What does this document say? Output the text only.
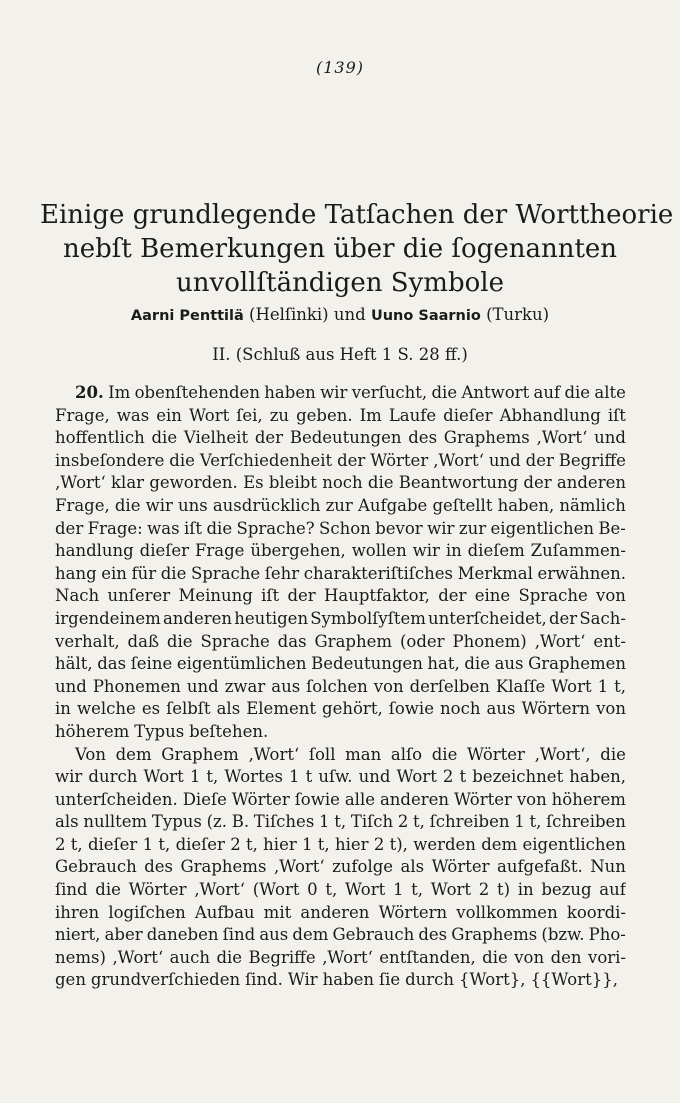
(139)
Einige grundlegende Tatſachen der Worttheorie
nebſt Bemerkungen über die ſogenannten
unvollſtändigen Symbole
Aarni Penttilä (Helſinki) und Uuno Saarnio (Turku)
II. (Schluß aus Heft 1 S. 28 ff.)
20. Im obenſtehenden haben wir verſucht, die Antwort auf die alte
Frage, was ein Wort ſei, zu geben. Im Laufe dieſer Abhandlung iſt
hoffentlich die Vielheit der Bedeutungen des Graphems ‚Wort‘ und
insbeſondere die Verſchiedenheit der Wörter ‚Wort‘ und der Begriffe
‚Wort‘ klar geworden. Es bleibt noch die Beantwortung der anderen
Frage, die wir uns ausdrücklich zur Aufgabe geſtellt haben, nämlich
der Frage: was iſt die Sprache? Schon bevor wir zur eigentlichen Be-
handlung dieſer Frage übergehen, wollen wir in dieſem Zuſammen-
hang ein für die Sprache ſehr charakteriſtiſches Merkmal erwähnen.
Nach unſerer Meinung iſt der Hauptfaktor, der eine Sprache von
irgendeinem anderen heutigen Symbolſyſtem unterſcheidet, der Sach-
verhalt, daß die Sprache das Graphem (oder Phonem) ‚Wort‘ ent-
hält, das ſeine eigentümlichen Bedeutungen hat, die aus Graphemen
und Phonemen und zwar aus ſolchen von derſelben Klaſſe Wort 1 t,
in welche es ſelbſt als Element gehört, ſowie noch aus Wörtern von
höherem Typus beſtehen.
Von dem Graphem ‚Wort‘ ſoll man alſo die Wörter ‚Wort‘, die
wir durch Wort 1 t, Wortes 1 t uſw. und Wort 2 t bezeichnet haben,
unterſcheiden. Dieſe Wörter ſowie alle anderen Wörter von höherem
als nulltem Typus (z. B. Tiſches 1 t, Tiſch 2 t, ſchreiben 1 t, ſchreiben
2 t, dieſer 1 t, dieſer 2 t, hier 1 t, hier 2 t), werden dem eigentlichen
Gebrauch des Graphems ‚Wort‘ zufolge als Wörter aufgefaßt. Nun
ſind die Wörter ‚Wort‘ (Wort 0 t, Wort 1 t, Wort 2 t) in bezug auf
ihren logiſchen Aufbau mit anderen Wörtern vollkommen koordi-
niert, aber daneben ſind aus dem Gebrauch des Graphems (bzw. Pho-
nems) ‚Wort‘ auch die Begriffe ‚Wort‘ entſtanden, die von den vori-
gen grundverſchieden ſind. Wir haben ſie durch {Wort}, {{Wort}},
